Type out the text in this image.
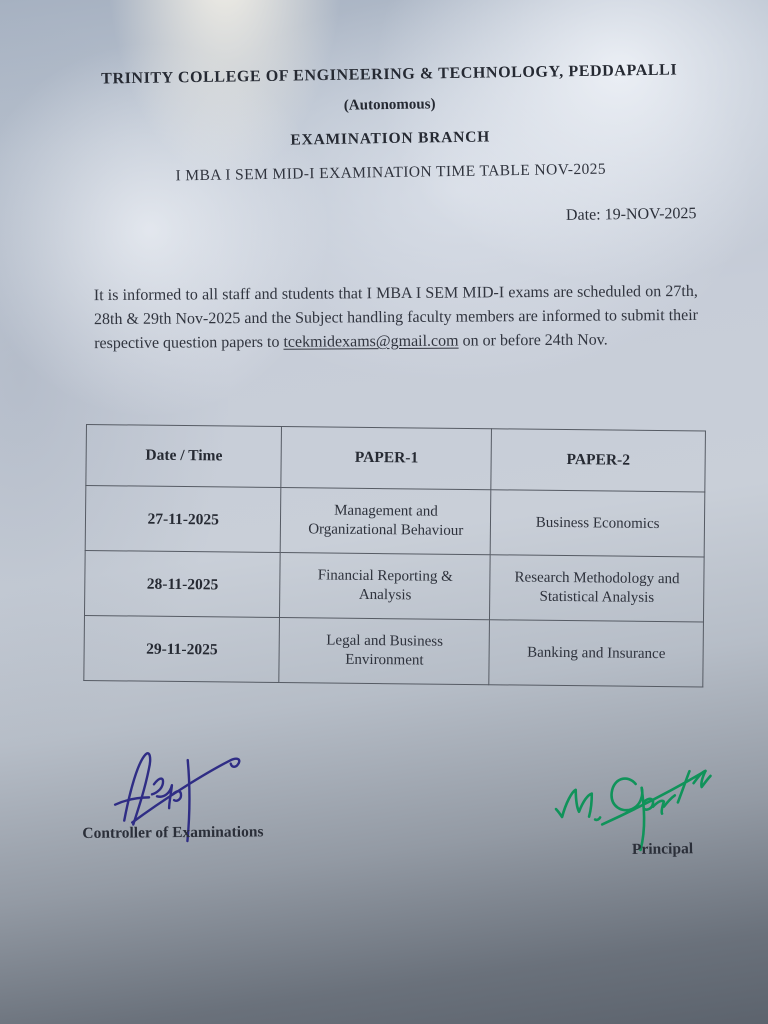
TRINITY COLLEGE OF ENGINEERING & TECHNOLOGY, PEDDAPALLI
(Autonomous)
EXAMINATION BRANCH
I MBA I SEM MID-I EXAMINATION TIME TABLE NOV-2025
Date: 19-NOV-2025

It is informed to all staff and students that I MBA I SEM MID-I exams are scheduled on 27th, 28th & 29th Nov-2025 and the Subject handling faculty members are informed to submit their respective question papers to tcekmidexams@gmail.com on or before 24th Nov.

Date / Time	PAPER-1	PAPER-2
27-11-2025	Management and Organizational Behaviour	Business Economics
28-11-2025	Financial Reporting & Analysis	Research Methodology and Statistical Analysis
29-11-2025	Legal and Business Environment	Banking and Insurance
Controller of Examinations
Principal
